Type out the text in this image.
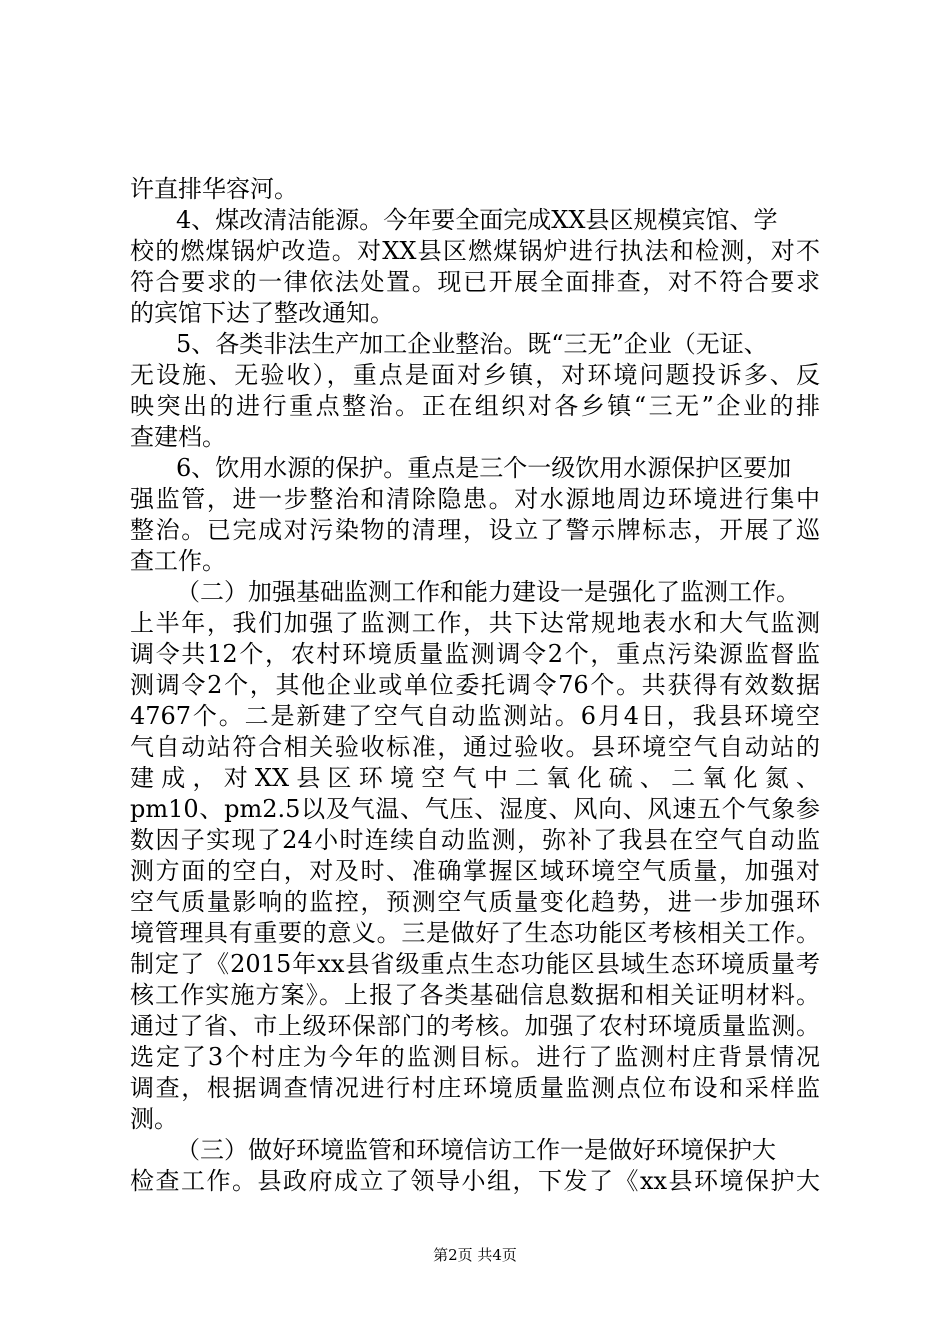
许直排华容河。
4、煤改清洁能源。今年要全面完成XX县区规模宾馆、学
校的燃煤锅炉改造。对XX县区燃煤锅炉进行执法和检测，对不
符合要求的一律依法处置。现已开展全面排查，对不符合要求
的宾馆下达了整改通知。
5、各类非法生产加工企业整治。既“三无”企业（无证、
无设施、无验收），重点是面对乡镇，对环境问题投诉多、反
映突出的进行重点整治。正在组织对各乡镇“三无”企业的排
查建档。
6、饮用水源的保护。重点是三个一级饮用水源保护区要加
强监管，进一步整治和清除隐患。对水源地周边环境进行集中
整治。已完成对污染物的清理，设立了警示牌标志，开展了巡
查工作。
（二）加强基础监测工作和能力建设一是强化了监测工作。
上半年，我们加强了监测工作，共下达常规地表水和大气监测
调令共12个，农村环境质量监测调令2个，重点污染源监督监
测调令2个，其他企业或单位委托调令76个。共获得有效数据
4767个。二是新建了空气自动监测站。6月4日，我县环境空
气自动站符合相关验收标准，通过验收。县环境空气自动站的
建成，对XX县区环境空气中二氧化硫、二氧化氮、
pm10、pm2.5以及气温、气压、湿度、风向、风速五个气象参
数因子实现了24小时连续自动监测，弥补了我县在空气自动监
测方面的空白，对及时、准确掌握区域环境空气质量，加强对
空气质量影响的监控，预测空气质量变化趋势，进一步加强环
境管理具有重要的意义。三是做好了生态功能区考核相关工作。
制定了《2015年xx县省级重点生态功能区县域生态环境质量考
核工作实施方案》。上报了各类基础信息数据和相关证明材料。
通过了省、市上级环保部门的考核。加强了农村环境质量监测。
选定了3个村庄为今年的监测目标。进行了监测村庄背景情况
调查，根据调查情况进行村庄环境质量监测点位布设和采样监
测。
第2页 共4页
（三）做好环境监管和环境信访工作一是做好环境保护大
检查工作。县政府成立了领导小组，下发了《xx县环境保护大
